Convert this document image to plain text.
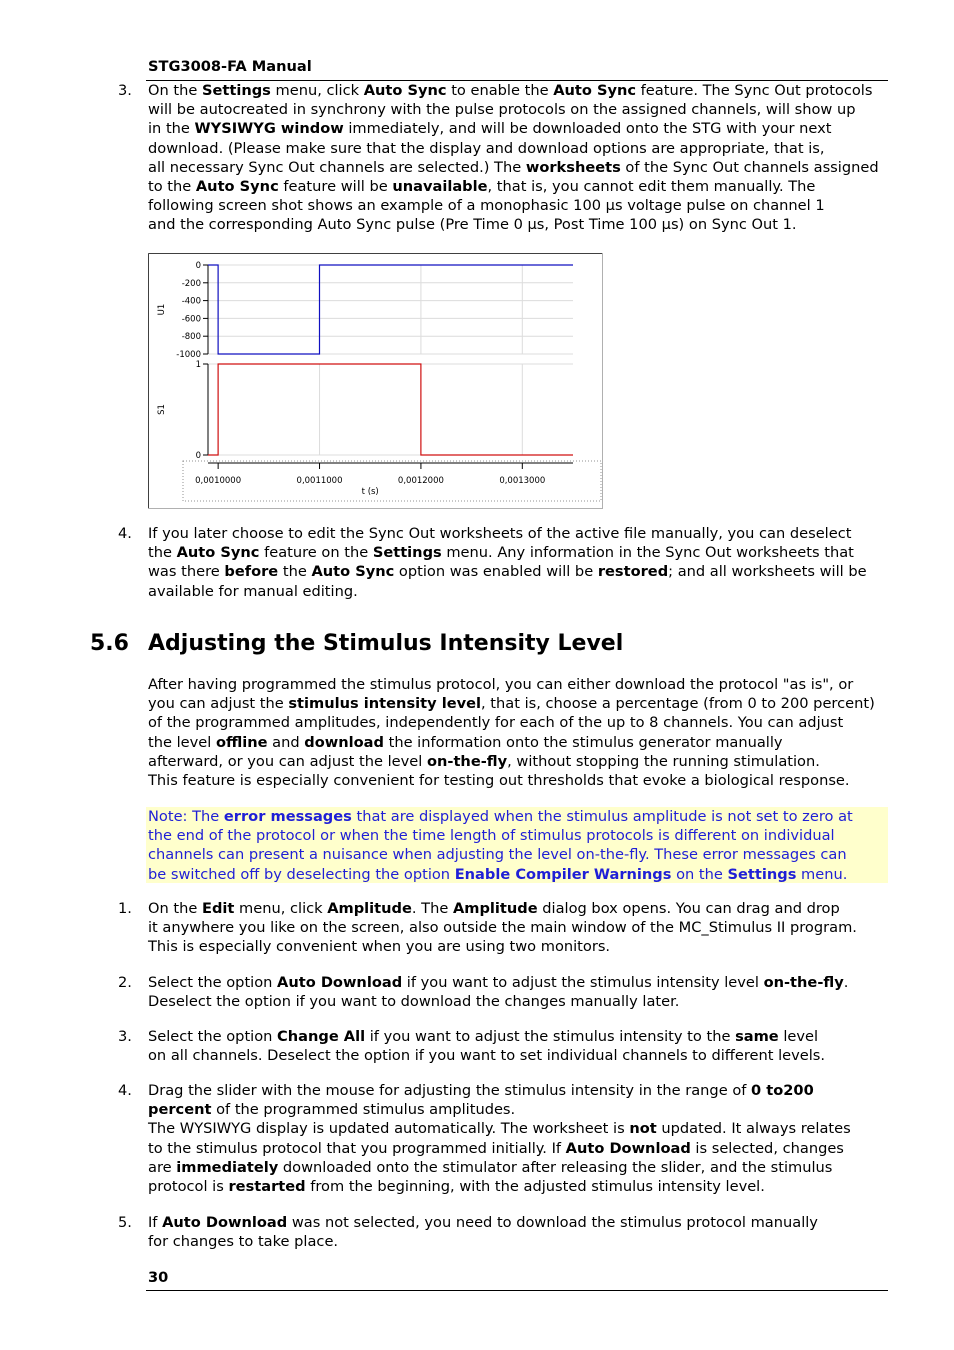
STG3008-FA Manual
3. On the Settings menu, click Auto Sync to enable the Auto Sync feature. The Sync Out protocols
will be autocreated in synchrony with the pulse protocols on the assigned channels, will show up
in the WYSIWYG window immediately, and will be downloaded onto the STG with your next
download. (Please make sure that the display and download options are appropriate, that is,
all necessary Sync Out channels are selected.) The worksheets of the Sync Out channels assigned
to the Auto Sync feature will be unavailable, that is, you cannot edit them manually. The
following screen shot shows an example of a monophasic 100 µs voltage pulse on channel 1
and the corresponding Auto Sync pulse (Pre Time 0 µs, Post Time 100 µs) on Sync Out 1.
0
-200
-400
-600
-800
-1000
U1
1
0
S1
0,0010000	0,0011000	0,0012000	0,0013000
t (s)
4. If you later choose to edit the Sync Out worksheets of the active file manually, you can deselect
the Auto Sync feature on the Settings menu. Any information in the Sync Out worksheets that
was there before the Auto Sync option was enabled will be restored; and all worksheets will be
available for manual editing.
5.6 Adjusting the Stimulus Intensity Level
After having programmed the stimulus protocol, you can either download the protocol "as is", or
you can adjust the stimulus intensity level, that is, choose a percentage (from 0 to 200 percent)
of the programmed amplitudes, independently for each of the up to 8 channels. You can adjust
the level offline and download the information onto the stimulus generator manually
afterward, or you can adjust the level on-the-fly, without stopping the running stimulation.
This feature is especially convenient for testing out thresholds that evoke a biological response.
Note: The error messages that are displayed when the stimulus amplitude is not set to zero at
the end of the protocol or when the time length of stimulus protocols is different on individual
channels can present a nuisance when adjusting the level on-the-fly. These error messages can
be switched off by deselecting the option Enable Compiler Warnings on the Settings menu.
1. On the Edit menu, click Amplitude. The Amplitude dialog box opens. You can drag and drop
it anywhere you like on the screen, also outside the main window of the MC_Stimulus II program.
This is especially convenient when you are using two monitors.
2. Select the option Auto Download if you want to adjust the stimulus intensity level on-the-fly.
Deselect the option if you want to download the changes manually later.
3. Select the option Change All if you want to adjust the stimulus intensity to the same level
on all channels. Deselect the option if you want to set individual channels to different levels.
4. Drag the slider with the mouse for adjusting the stimulus intensity in the range of 0 to200
percent of the programmed stimulus amplitudes.
The WYSIWYG display is updated automatically. The worksheet is not updated. It always relates
to the stimulus protocol that you programmed initially. If Auto Download is selected, changes
are immediately downloaded onto the stimulator after releasing the slider, and the stimulus
protocol is restarted from the beginning, with the adjusted stimulus intensity level.
5. If Auto Download was not selected, you need to download the stimulus protocol manually
for changes to take place.
30
